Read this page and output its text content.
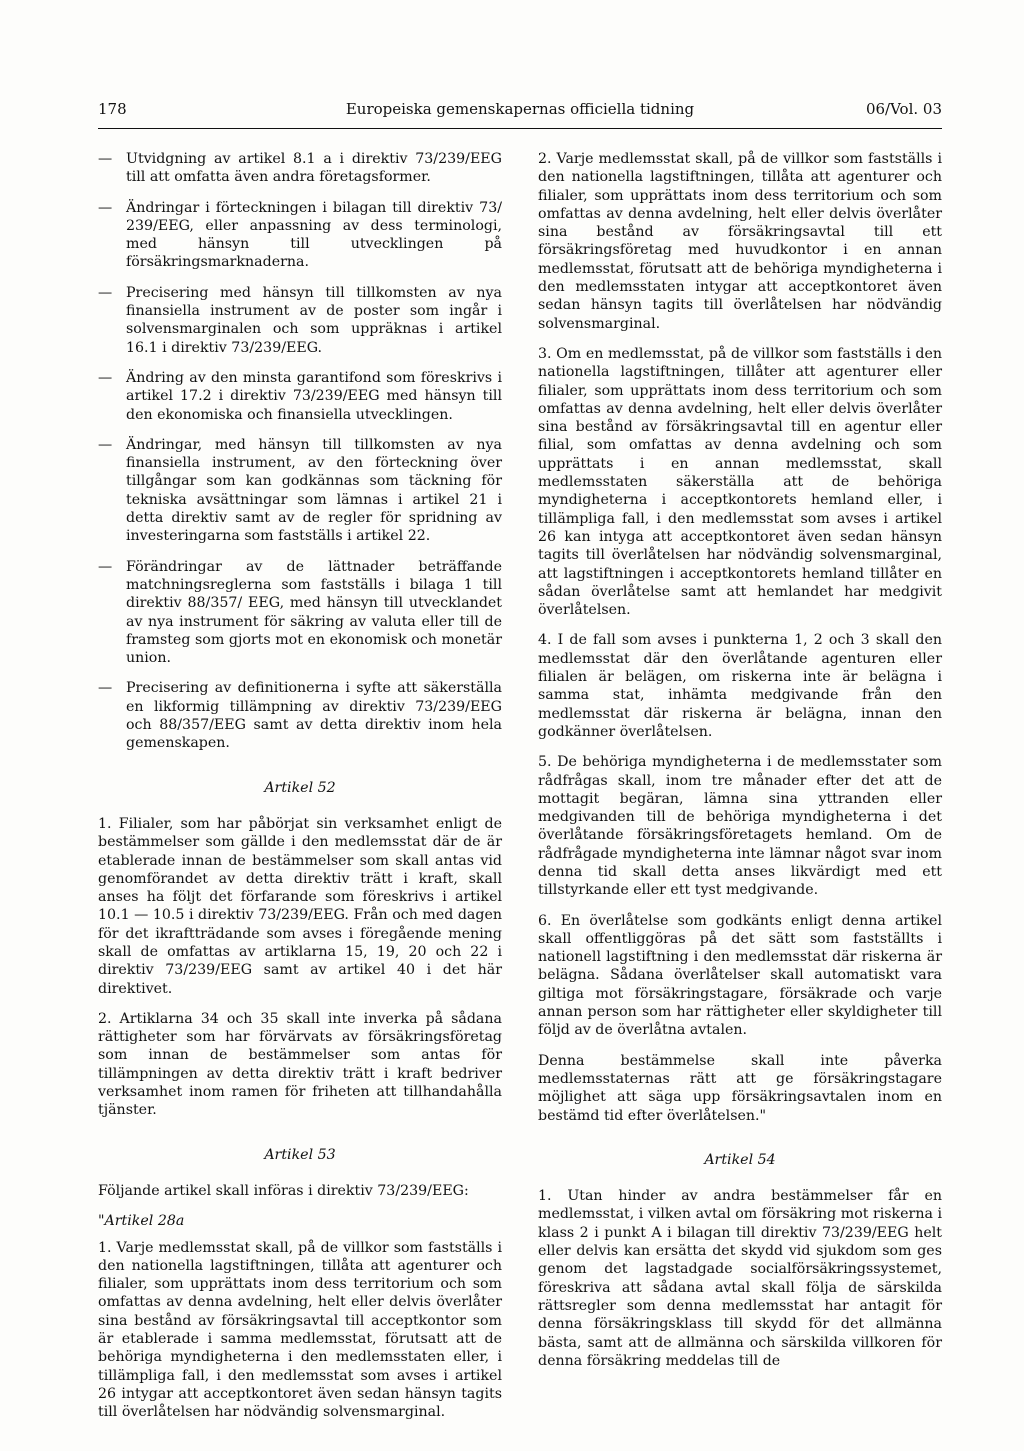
178	Europeiska gemenskapernas officiella tidning	06/Vol. 03
— Utvidgning av artikel 8.1 a i direktiv 73/239/EEG till att omfatta även andra företagsformer.
— Ändringar i förteckningen i bilagan till direktiv 73/ 239/EEG, eller anpassning av dess terminologi, med hänsyn till utvecklingen på försäkringsmarknaderna.
— Precisering med hänsyn till tillkomsten av nya finansiella instrument av de poster som ingår i solvensmarginalen och som uppräknas i artikel 16.1 i direktiv 73/239/EEG.
— Ändring av den minsta garantifond som föreskrivs i artikel 17.2 i direktiv 73/239/EEG med hänsyn till den ekonomiska och finansiella utvecklingen.
— Ändringar, med hänsyn till tillkomsten av nya finansiella instrument, av den förteckning över tillgångar som kan godkännas som täckning för tekniska avsättningar som lämnas i artikel 21 i detta direktiv samt av de regler för spridning av investeringarna som fastställs i artikel 22.
— Förändringar av de lättnader beträffande matchningsreglerna som fastställs i bilaga 1 till direktiv 88/357/ EEG, med hänsyn till utvecklandet av nya instrument för säkring av valuta eller till de framsteg som gjorts mot en ekonomisk och monetär union.
— Precisering av definitionerna i syfte att säkerställa en likformig tillämpning av direktiv 73/239/EEG och 88/357/EEG samt av detta direktiv inom hela gemenskapen.
Artikel 52

1. Filialer, som har påbörjat sin verksamhet enligt de bestämmelser som gällde i den medlemsstat där de är etablerade innan de bestämmelser som skall antas vid genomförandet av detta direktiv trätt i kraft, skall anses ha följt det förfarande som föreskrivs i artikel 10.1 — 10.5 i direktiv 73/239/EEG. Från och med dagen för det ikraftträdande som avses i föregående mening skall de omfattas av artiklarna 15, 19, 20 och 22 i direktiv 73/239/EEG samt av artikel 40 i det här direktivet.

2. Artiklarna 34 och 35 skall inte inverka på sådana rättigheter som har förvärvats av försäkringsföretag som innan de bestämmelser som antas för tillämpningen av detta direktiv trätt i kraft bedriver verksamhet inom ramen för friheten att tillhandahålla tjänster.

Artikel 53

Följande artikel skall införas i direktiv 73/239/EEG:

"Artikel 28a

1. Varje medlemsstat skall, på de villkor som fastställs i den nationella lagstiftningen, tillåta att agenturer och filialer, som upprättats inom dess territorium och som omfattas av denna avdelning, helt eller delvis överlåter sina bestånd av försäkringsavtal till acceptkontor som är etablerade i samma medlemsstat, förutsatt att de behöriga myndigheterna i den medlemsstaten eller, i tillämpliga fall, i den medlemsstat som avses i artikel 26 intygar att acceptkontoret även sedan hänsyn tagits till överlåtelsen har nödvändig solvensmarginal.

2. Varje medlemsstat skall, på de villkor som fastställs i den nationella lagstiftningen, tillåta att agenturer och filialer, som upprättats inom dess territorium och som omfattas av denna avdelning, helt eller delvis överlåter sina bestånd av försäkringsavtal till ett försäkringsföretag med huvudkontor i en annan medlemsstat, förutsatt att de behöriga myndigheterna i den medlemsstaten intygar att acceptkontoret även sedan hänsyn tagits till överlåtelsen har nödvändig solvensmarginal.

3. Om en medlemsstat, på de villkor som fastställs i den nationella lagstiftningen, tillåter att agenturer eller filialer, som upprättats inom dess territorium och som omfattas av denna avdelning, helt eller delvis överlåter sina bestånd av försäkringsavtal till en agentur eller filial, som omfattas av denna avdelning och som upprättats i en annan medlemsstat, skall medlemsstaten säkerställa att de behöriga myndigheterna i acceptkontorets hemland eller, i tillämpliga fall, i den medlemsstat som avses i artikel 26 kan intyga att acceptkontoret även sedan hänsyn tagits till överlåtelsen har nödvändig solvensmarginal, att lagstiftningen i acceptkontorets hemland tillåter en sådan överlåtelse samt att hemlandet har medgivit överlåtelsen.

4. I de fall som avses i punkterna 1, 2 och 3 skall den medlemsstat där den överlåtande agenturen eller filialen är belägen, om riskerna inte är belägna i samma stat, inhämta medgivande från den medlemsstat där riskerna är belägna, innan den godkänner överlåtelsen.

5. De behöriga myndigheterna i de medlemsstater som rådfrågas skall, inom tre månader efter det att de mottagit begäran, lämna sina yttranden eller medgivanden till de behöriga myndigheterna i det överlåtande försäkringsföretagets hemland. Om de rådfrågade myndigheterna inte lämnar något svar inom denna tid skall detta anses likvärdigt med ett tillstyrkande eller ett tyst medgivande.

6. En överlåtelse som godkänts enligt denna artikel skall offentliggöras på det sätt som fastställts i nationell lagstiftning i den medlemsstat där riskerna är belägna. Sådana överlåtelser skall automatiskt vara giltiga mot försäkringstagare, försäkrade och varje annan person som har rättigheter eller skyldigheter till följd av de överlåtna avtalen.

Denna bestämmelse skall inte påverka medlemsstaternas rätt att ge försäkringstagare möjlighet att säga upp försäkringsavtalen inom en bestämd tid efter överlåtelsen."

Artikel 54

1. Utan hinder av andra bestämmelser får en medlemsstat, i vilken avtal om försäkring mot riskerna i klass 2 i punkt A i bilagan till direktiv 73/239/EEG helt eller delvis kan ersätta det skydd vid sjukdom som ges genom det lagstadgade socialförsäkringssystemet, föreskriva att sådana avtal skall följa de särskilda rättsregler som denna medlemsstat har antagit för denna försäkringsklass till skydd för det allmänna bästa, samt att de allmänna och särskilda villkoren för denna försäkring meddelas till de
